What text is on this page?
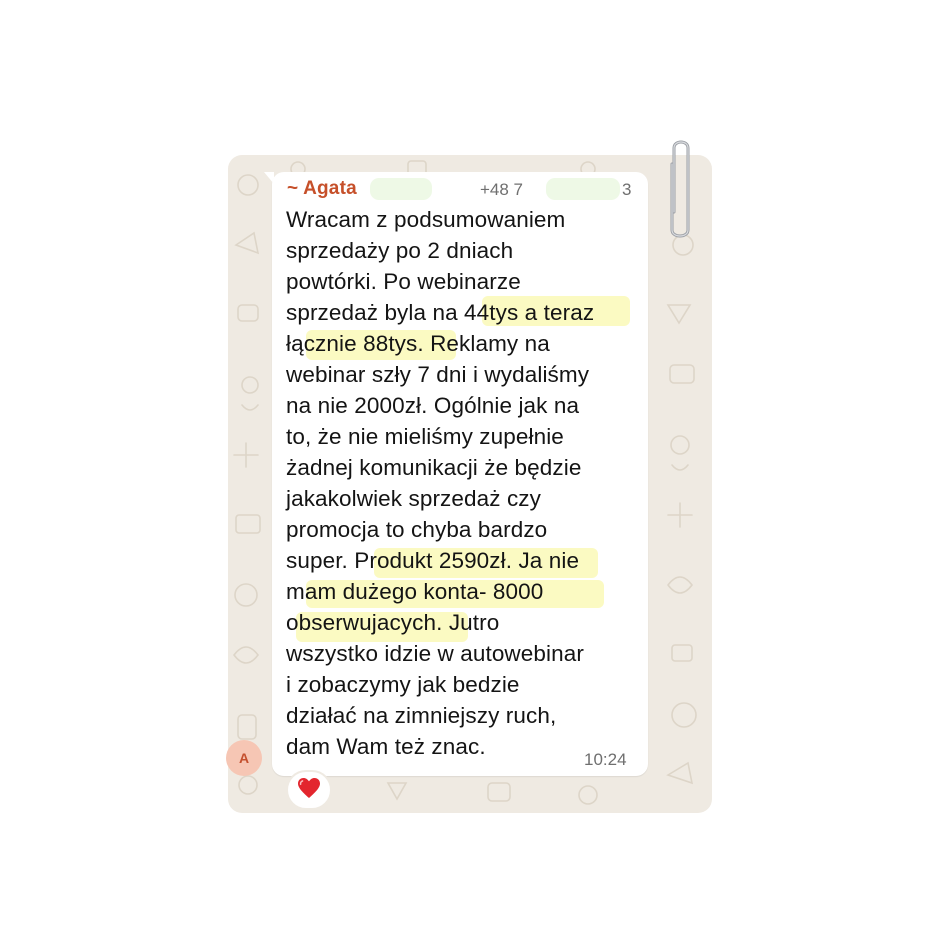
~ Agata	+48 7	3
Wracam z podsumowaniem
sprzedaży po 2 dniach
powtórki. Po webinarze
sprzedaż byla na 44tys a teraz
łącznie 88tys. Reklamy na
webinar szły 7 dni i wydaliśmy
na nie 2000zł. Ogólnie jak na
to, że nie mieliśmy zupełnie
żadnej komunikacji że będzie
jakakolwiek sprzedaż czy
promocja to chyba bardzo
super. Produkt 2590zł. Ja nie
mam dużego konta- 8000
obserwujacych. Jutro
wszystko idzie w autowebinar
i zobaczymy jak bedzie
działać na zimniejszy ruch,
dam Wam też znac.
10:24
A
